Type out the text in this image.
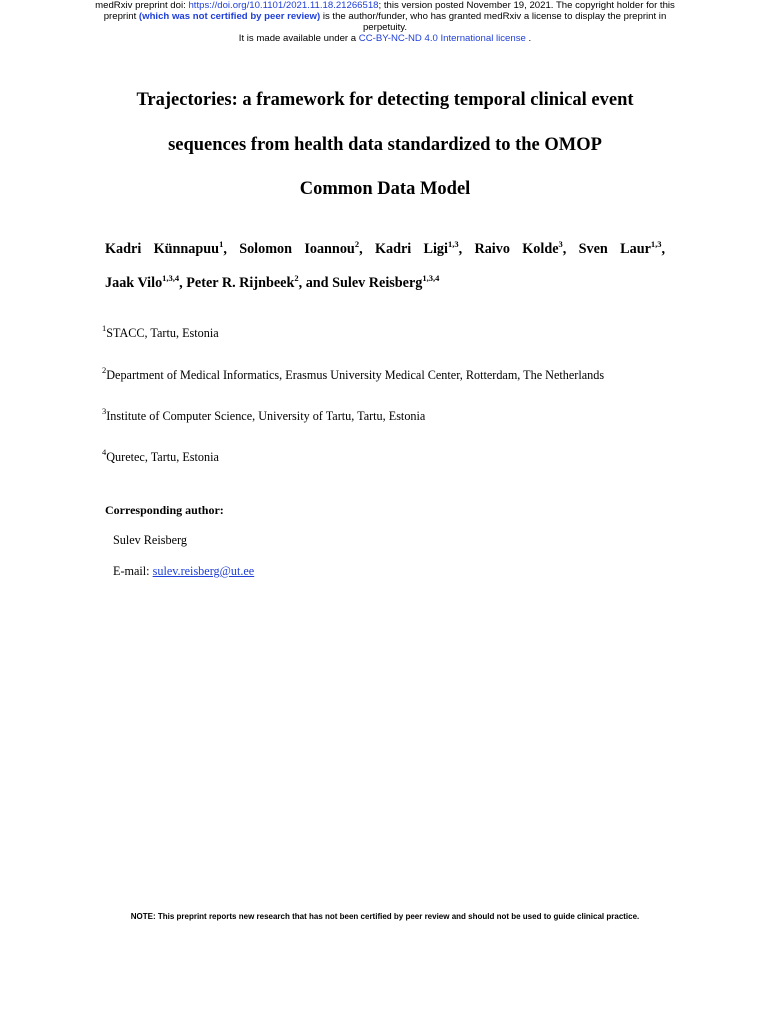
medRxiv preprint doi: https://doi.org/10.1101/2021.11.18.21266518; this version posted November 19, 2021. The copyright holder for this
preprint (which was not certified by peer review) is the author/funder, who has granted medRxiv a license to display the preprint in
perpetuity.
It is made available under a CC-BY-NC-ND 4.0 International license .
Trajectories: a framework for detecting temporal clinical event
sequences from health data standardized to the OMOP
Common Data Model
Kadri Künnapuu$^1$, Solomon Ioannou$^2$, Kadri Ligi$^{1,3}$, Raivo Kolde$^3$, Sven Laur$^{1,3}$,
Jaak Vilo$^{1,3,4}$, Peter R. Rijnbeek$^2$, and Sulev Reisberg$^{1,3,4}$
$^1$STACC, Tartu, Estonia
$^2$Department of Medical Informatics, Erasmus University Medical Center, Rotterdam, The Netherlands
$^3$Institute of Computer Science, University of Tartu, Tartu, Estonia
$^4$Quretec, Tartu, Estonia
Corresponding author:
Sulev Reisberg
E-mail: sulev.reisberg@ut.ee
NOTE: This preprint reports new research that has not been certified by peer review and should not be used to guide clinical practice.
